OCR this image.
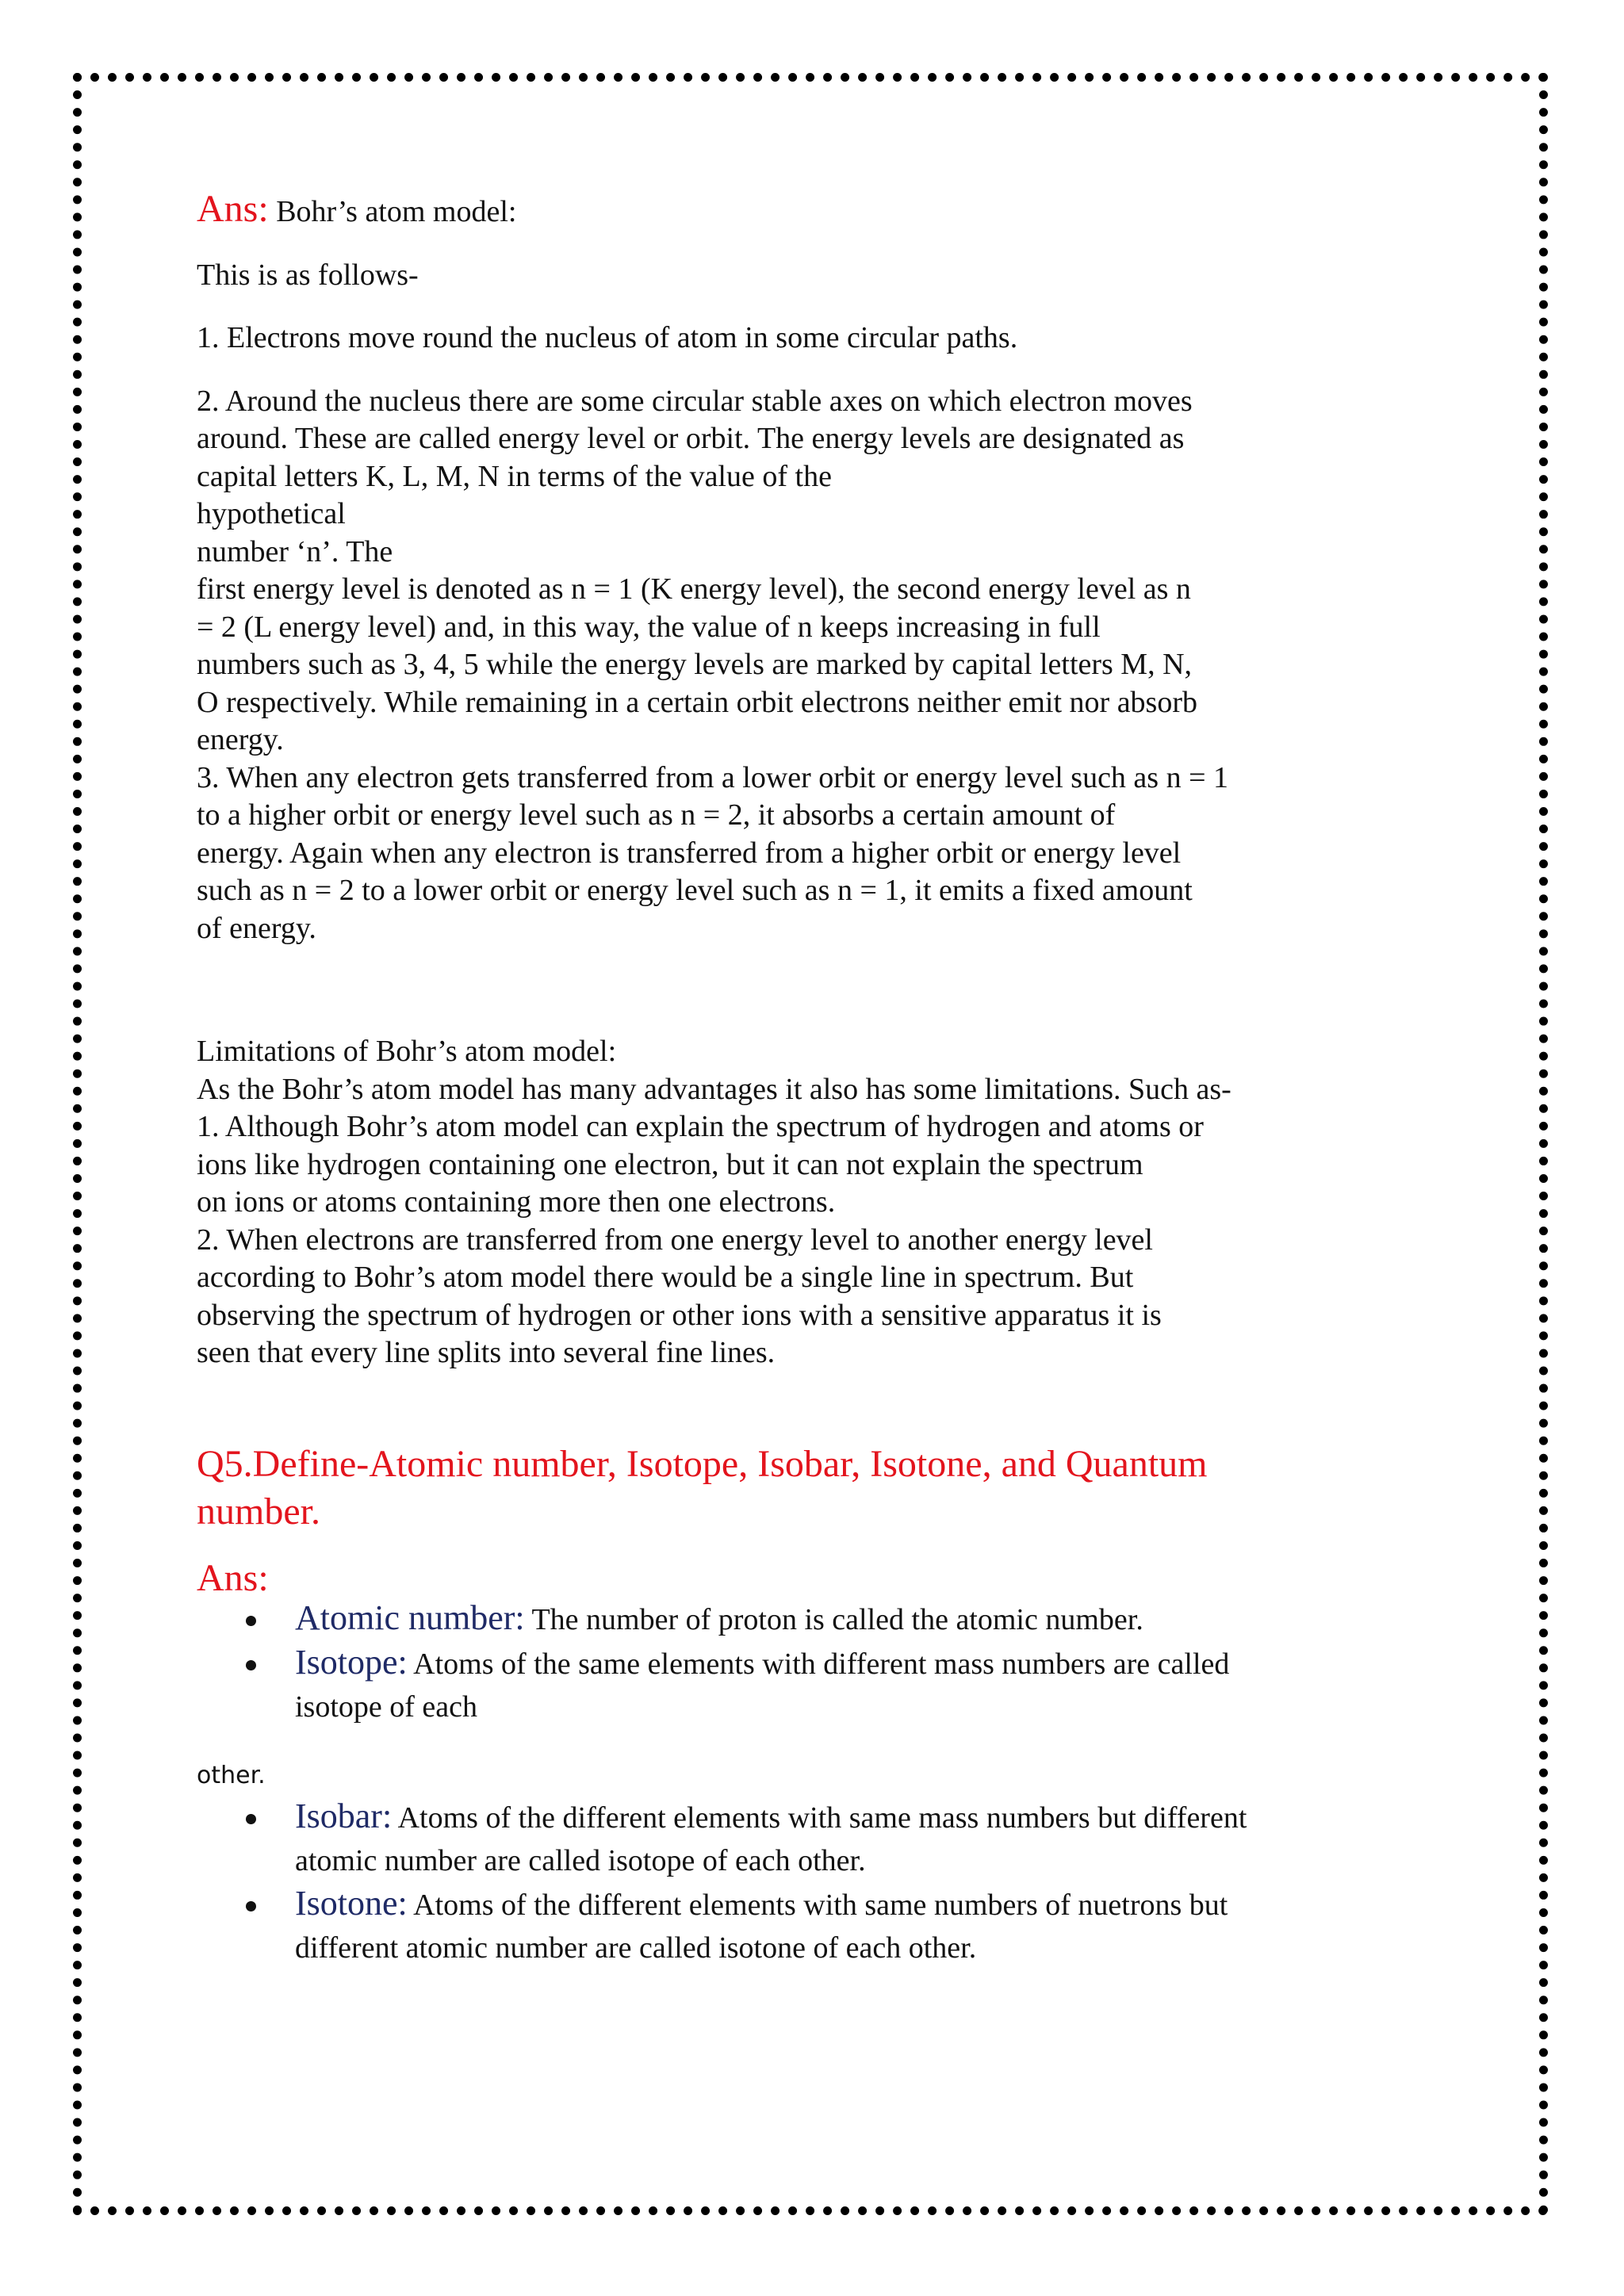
Ans: Bohr’s atom model:

This is as follows-

1. Electrons move round the nucleus of atom in some circular paths.

2. Around the nucleus there are some circular stable axes on which electron moves
around. These are called energy level or orbit. The energy levels are designated as
capital letters K, L, M, N in terms of the value of the
hypothetical
number ‘n’. The
first energy level is denoted as n = 1 (K energy level), the second energy level as n
= 2 (L energy level) and, in this way, the value of n keeps increasing in full
numbers such as 3, 4, 5 while the energy levels are marked by capital letters M, N,
O respectively. While remaining in a certain orbit electrons neither emit nor absorb
energy.
3. When any electron gets transferred from a lower orbit or energy level such as n = 1
to a higher orbit or energy level such as n = 2, it absorbs a certain amount of
energy. Again when any electron is transferred from a higher orbit or energy level
such as n = 2 to a lower orbit or energy level such as n = 1, it emits a fixed amount
of energy.
Limitations of Bohr’s atom model:
As the Bohr’s atom model has many advantages it also has some limitations. Such as-
1. Although Bohr’s atom model can explain the spectrum of hydrogen and atoms or
ions like hydrogen containing one electron, but it can not explain the spectrum
on ions or atoms containing more then one electrons.
2. When electrons are transferred from one energy level to another energy level
according to Bohr’s atom model there would be a single line in spectrum. But
observing the spectrum of hydrogen or other ions with a sensitive apparatus it is
seen that every line splits into several fine lines.
Q5.Define-Atomic number, Isotope, Isobar, Isotone, and Quantum
number.
Ans:
Atomic number: The number of proton is called the atomic number.
Isotope: Atoms of the same elements with different mass numbers are called
isotope of each
other.
Isobar: Atoms of the different elements with same mass numbers but different
atomic number are called isotope of each other.
Isotone: Atoms of the different elements with same numbers of nuetrons but
different atomic number are called isotone of each other.
